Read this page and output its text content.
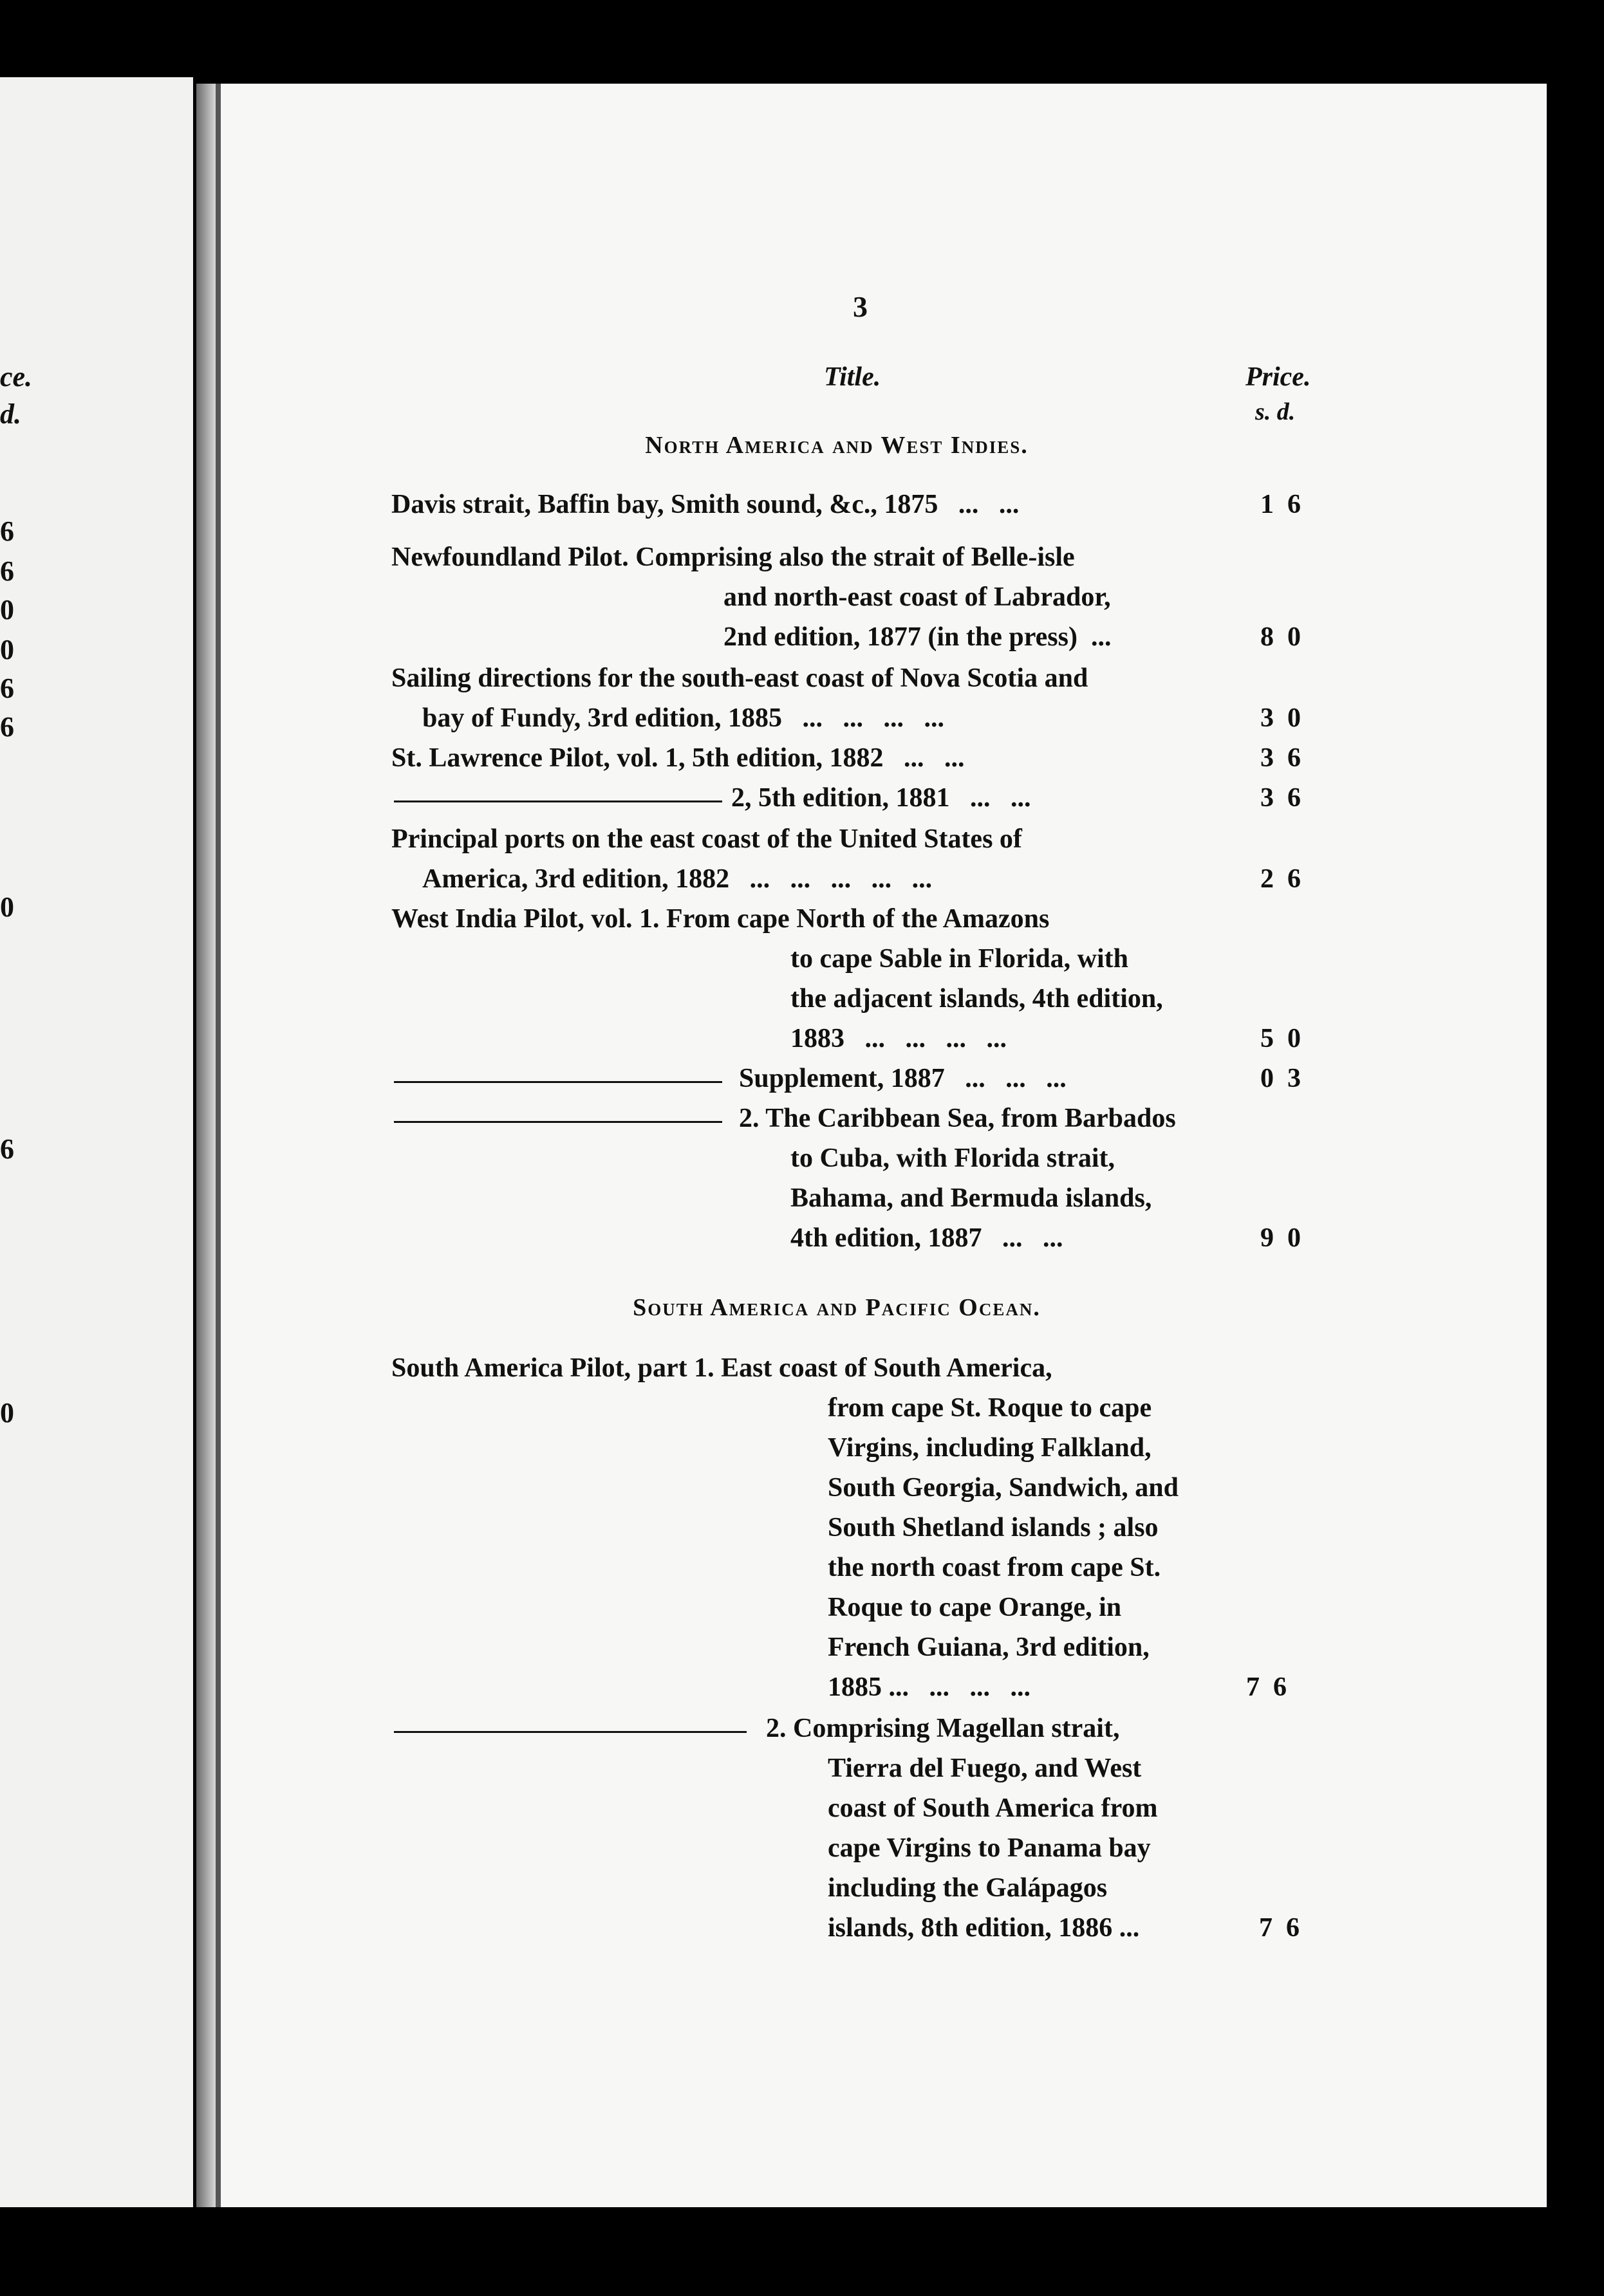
ce.
d.
6
6
0
0
6
6
0
6
0
3
Title.	Price.
s. d.
North America and West Indies.
Davis strait, Baffin bay, Smith sound, &c., 1875   ...   ...	1  6
Newfoundland Pilot. Comprising also the strait of Belle-isle
and north-east coast of Labrador,
2nd edition, 1877 (in the press)  ...	8  0
Sailing directions for the south-east coast of Nova Scotia and
bay of Fundy, 3rd edition, 1885   ...   ...   ...   ...	3  0
St. Lawrence Pilot, vol. 1, 5th edition, 1882   ...   ...	3  6
2, 5th edition, 1881   ...   ...	3  6
Principal ports on the east coast of the United States of
America, 3rd edition, 1882   ...   ...   ...   ...   ...	2  6
West India Pilot, vol. 1. From cape North of the Amazons
to cape Sable in Florida, with
the adjacent islands, 4th edition,
1883   ...   ...   ...   ...	5  0
Supplement, 1887   ...   ...   ...	0  3
2. The Caribbean Sea, from Barbados
to Cuba, with Florida strait,
Bahama, and Bermuda islands,
4th edition, 1887   ...   ...	9  0
South America and Pacific Ocean.
South America Pilot, part 1. East coast of South America,
from cape St. Roque to cape
Virgins, including Falkland,
South Georgia, Sandwich, and
South Shetland islands ; also
the north coast from cape St.
Roque to cape Orange, in
French Guiana, 3rd edition,
1885 ...   ...   ...   ...	7  6
2. Comprising Magellan strait,
Tierra del Fuego, and West
coast of South America from
cape Virgins to Panama bay
including the Galápagos
islands, 8th edition, 1886 ...	7  6
